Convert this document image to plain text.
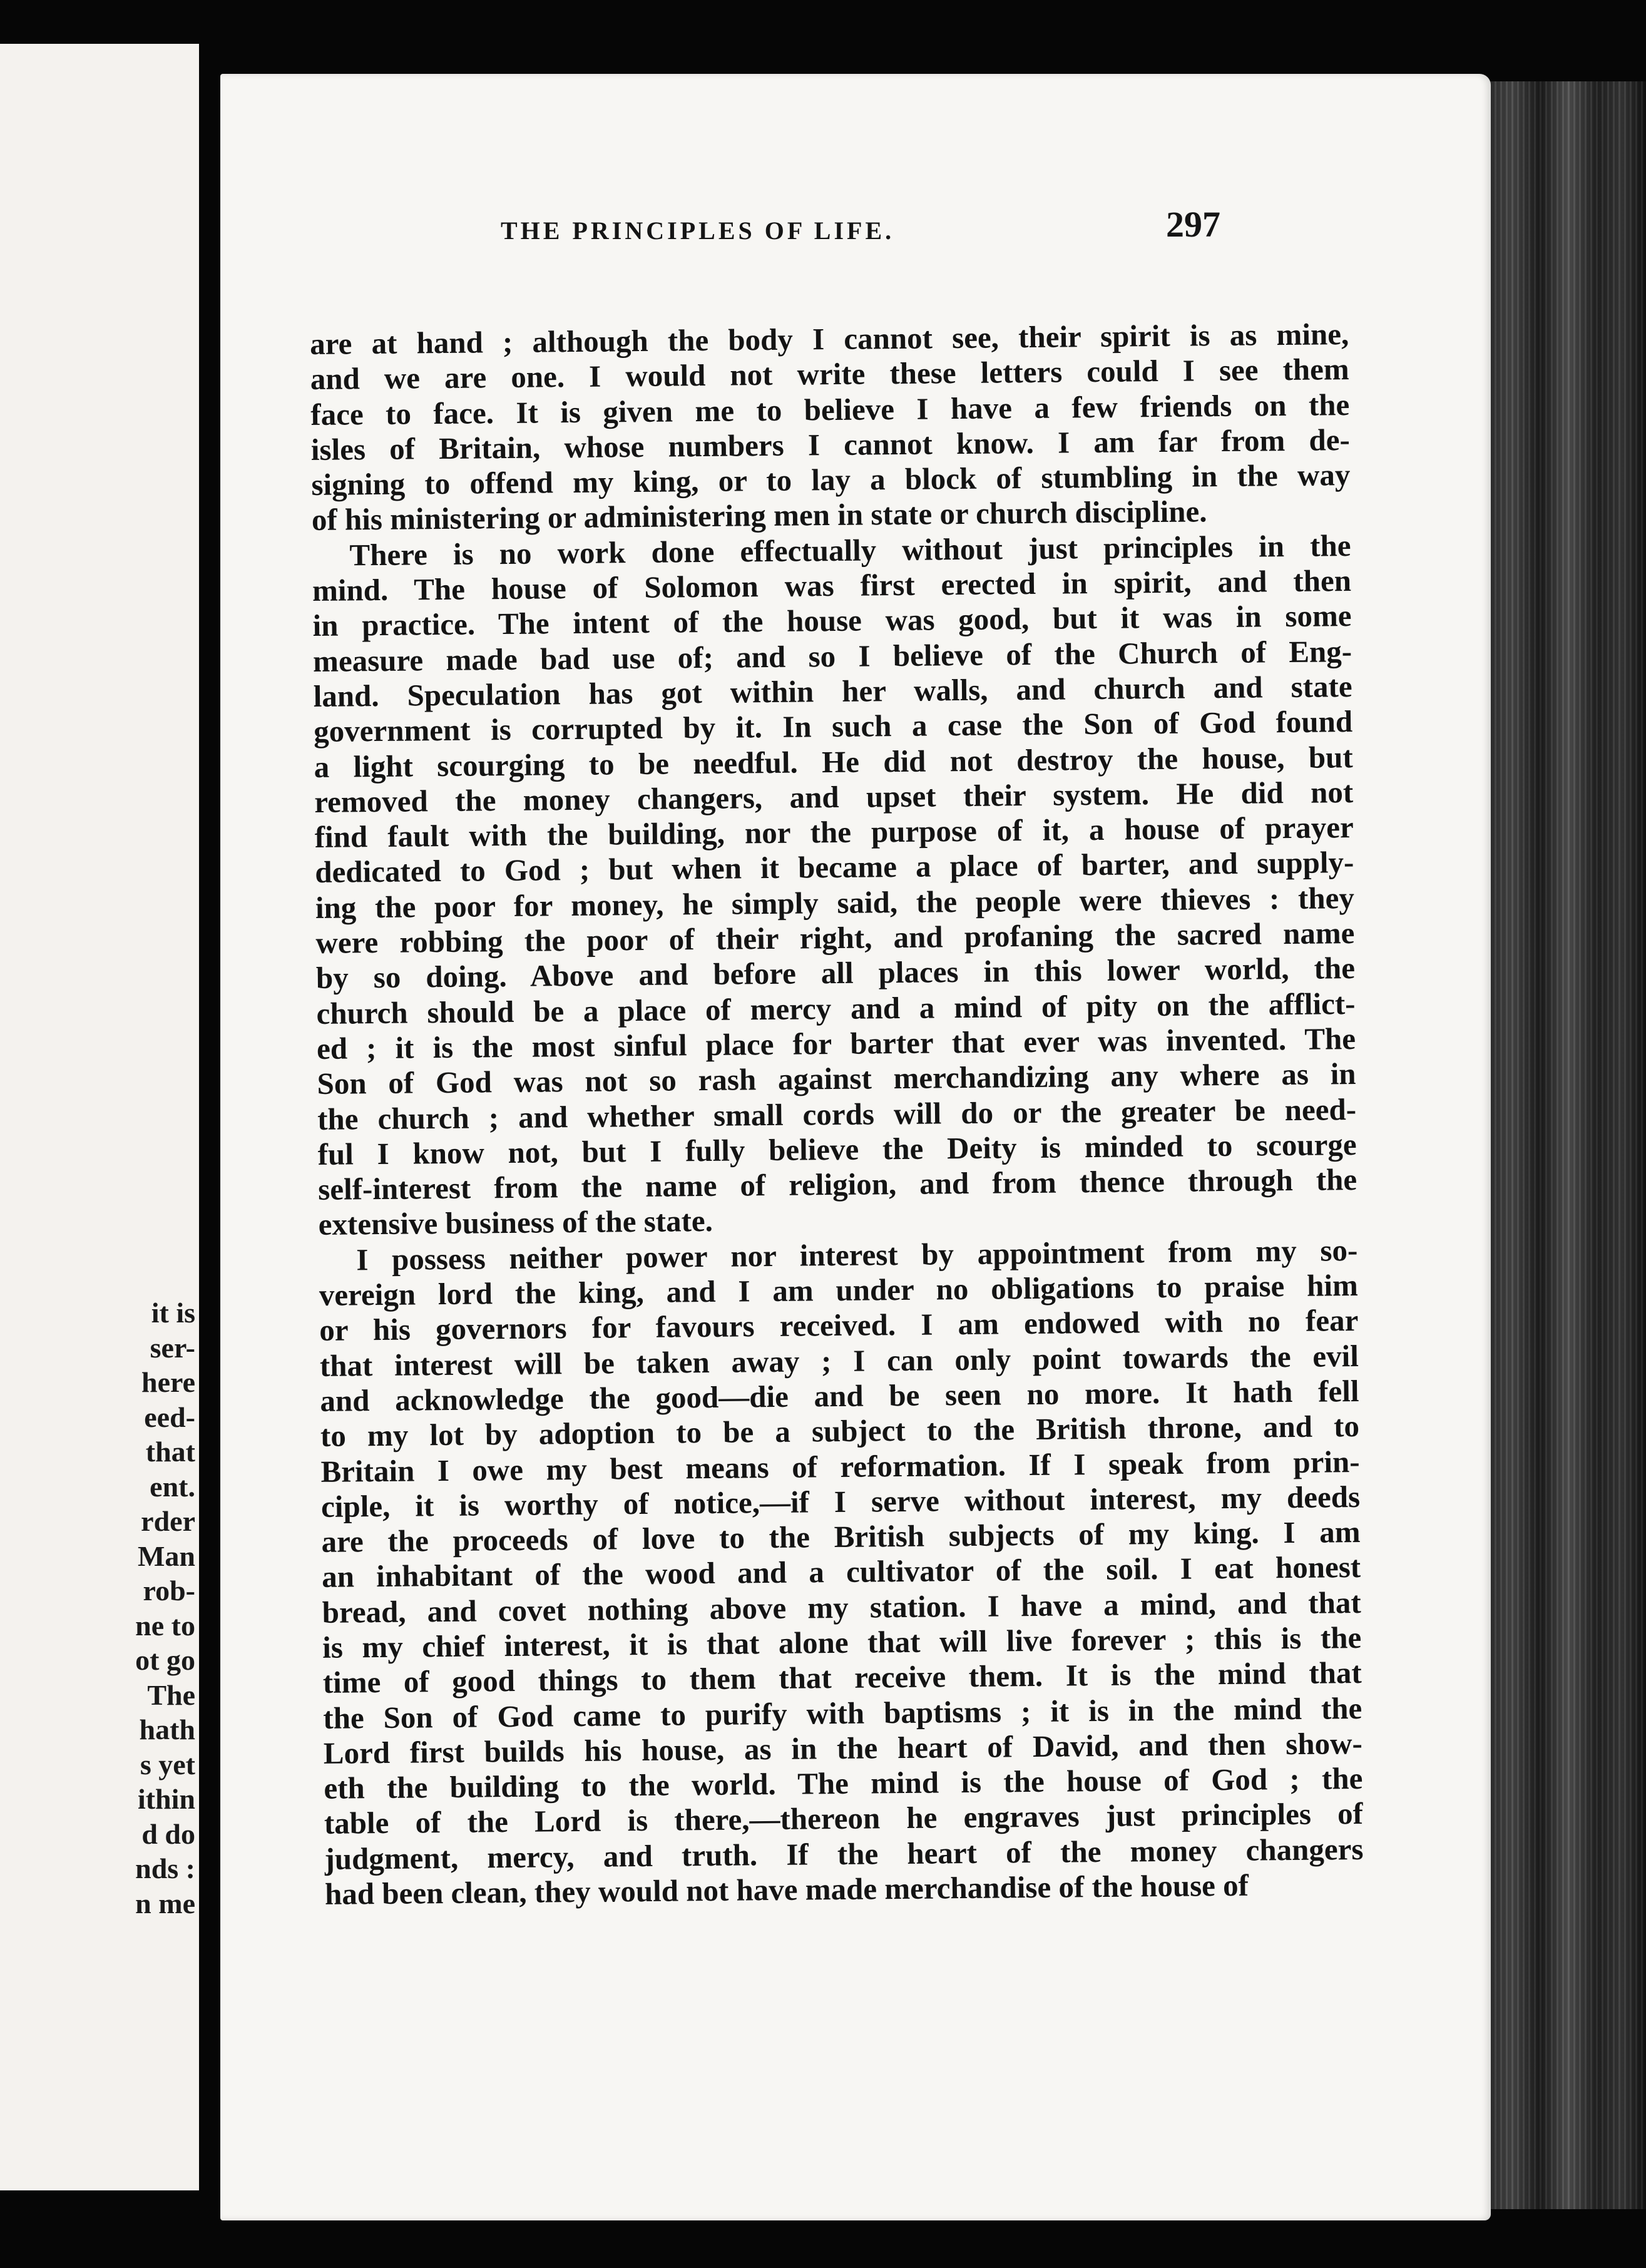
it is
ser-
here
eed-
that
ent.
rder
Man
rob-
ne to
ot go
The
hath
s yet
ithin
d do
nds :
n me
THE PRINCIPLES OF LIFE.	297
are at hand ; although the body I cannot see, their spirit is as mine,
and we are one. I would not write these letters could I see them
face to face. It is given me to believe I have a few friends on the
isles of Britain, whose numbers I cannot know. I am far from de-
signing to offend my king, or to lay a block of stumbling in the way
of his ministering or administering men in state or church discipline.
There is no work done effectually without just principles in the
mind. The house of Solomon was first erected in spirit, and then
in practice. The intent of the house was good, but it was in some
measure made bad use of; and so I believe of the Church of Eng-
land. Speculation has got within her walls, and church and state
government is corrupted by it. In such a case the Son of God found
a light scourging to be needful. He did not destroy the house, but
removed the money changers, and upset their system. He did not
find fault with the building, nor the purpose of it, a house of prayer
dedicated to God ; but when it became a place of barter, and supply-
ing the poor for money, he simply said, the people were thieves : they
were robbing the poor of their right, and profaning the sacred name
by so doing. Above and before all places in this lower world, the
church should be a place of mercy and a mind of pity on the afflict-
ed ; it is the most sinful place for barter that ever was invented. The
Son of God was not so rash against merchandizing any where as in
the church ; and whether small cords will do or the greater be need-
ful I know not, but I fully believe the Deity is minded to scourge
self-interest from the name of religion, and from thence through the
extensive business of the state.
I possess neither power nor interest by appointment from my so-
vereign lord the king, and I am under no obligations to praise him
or his governors for favours received. I am endowed with no fear
that interest will be taken away ; I can only point towards the evil
and acknowledge the good—die and be seen no more. It hath fell
to my lot by adoption to be a subject to the British throne, and to
Britain I owe my best means of reformation. If I speak from prin-
ciple, it is worthy of notice,—if I serve without interest, my deeds
are the proceeds of love to the British subjects of my king. I am
an inhabitant of the wood and a cultivator of the soil. I eat honest
bread, and covet nothing above my station. I have a mind, and that
is my chief interest, it is that alone that will live forever ; this is the
time of good things to them that receive them. It is the mind that
the Son of God came to purify with baptisms ; it is in the mind the
Lord first builds his house, as in the heart of David, and then show-
eth the building to the world. The mind is the house of God ; the
table of the Lord is there,—thereon he engraves just principles of
judgment, mercy, and truth. If the heart of the money changers
had been clean, they would not have made merchandise of the house of
